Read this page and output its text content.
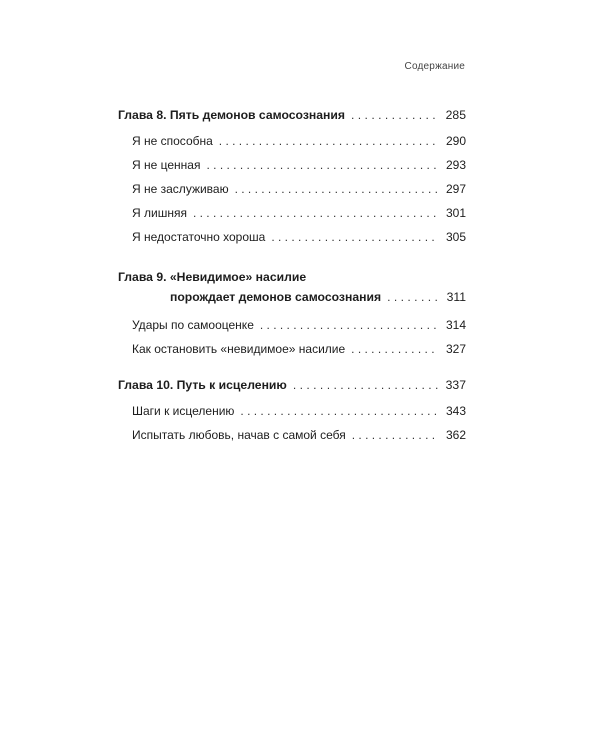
Содержание
Глава 8. Пять демонов самосознания . . .	285
Я не способна . . .	290
Я не ценная . . .	293
Я не заслуживаю . . .	297
Я лишняя . . .	301
Я недостаточно хороша . . .	305
Глава 9. «Невидимое» насилие
порождает демонов самосознания . . .	311
Удары по самооценке . . .	314
Как остановить «невидимое» насилие . . .	327
Глава 10. Путь к исцелению . . .	337
Шаги к исцелению . . .	343
Испытать любовь, начав с самой себя . . .	362
